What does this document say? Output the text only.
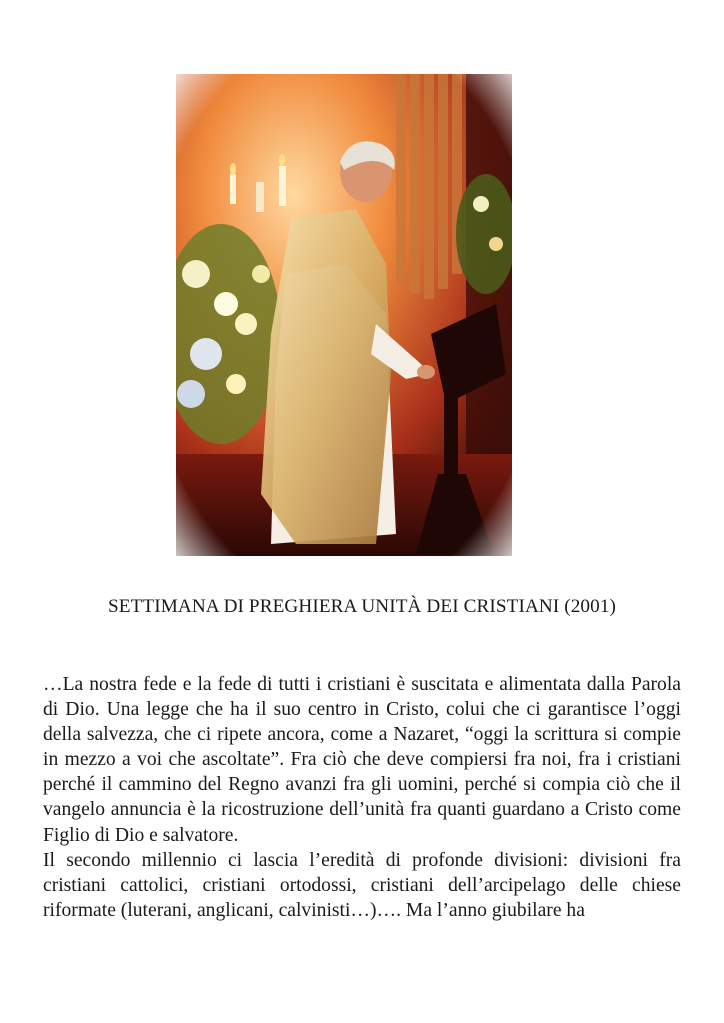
SETTIMANA DI PREGHIERA UNITÀ DEI CRISTIANI (2001)

…La nostra fede e la fede di tutti i cristiani è suscitata e alimentata dalla Parola di Dio. Una legge che ha il suo centro in Cristo, colui che ci garantisce l’oggi della salvezza, che ci ripete ancora, come a Nazaret, “oggi la scrittura si compie in mezzo a voi che ascoltate”. Fra ciò che deve compiersi fra noi, fra i cristiani perché il cammino del Regno avanzi fra gli uomini, perché si compia ciò che il vangelo annuncia è la ricostruzione dell’unità fra quanti guardano a Cristo come Figlio di Dio e salvatore.

Il secondo millennio ci lascia l’eredità di profonde divisioni: divisioni fra cristiani cattolici, cristiani ortodossi, cristiani dell’arcipelago delle chiese riformate (luterani, anglicani, calvinisti…)…. Ma l’anno giubilare ha
